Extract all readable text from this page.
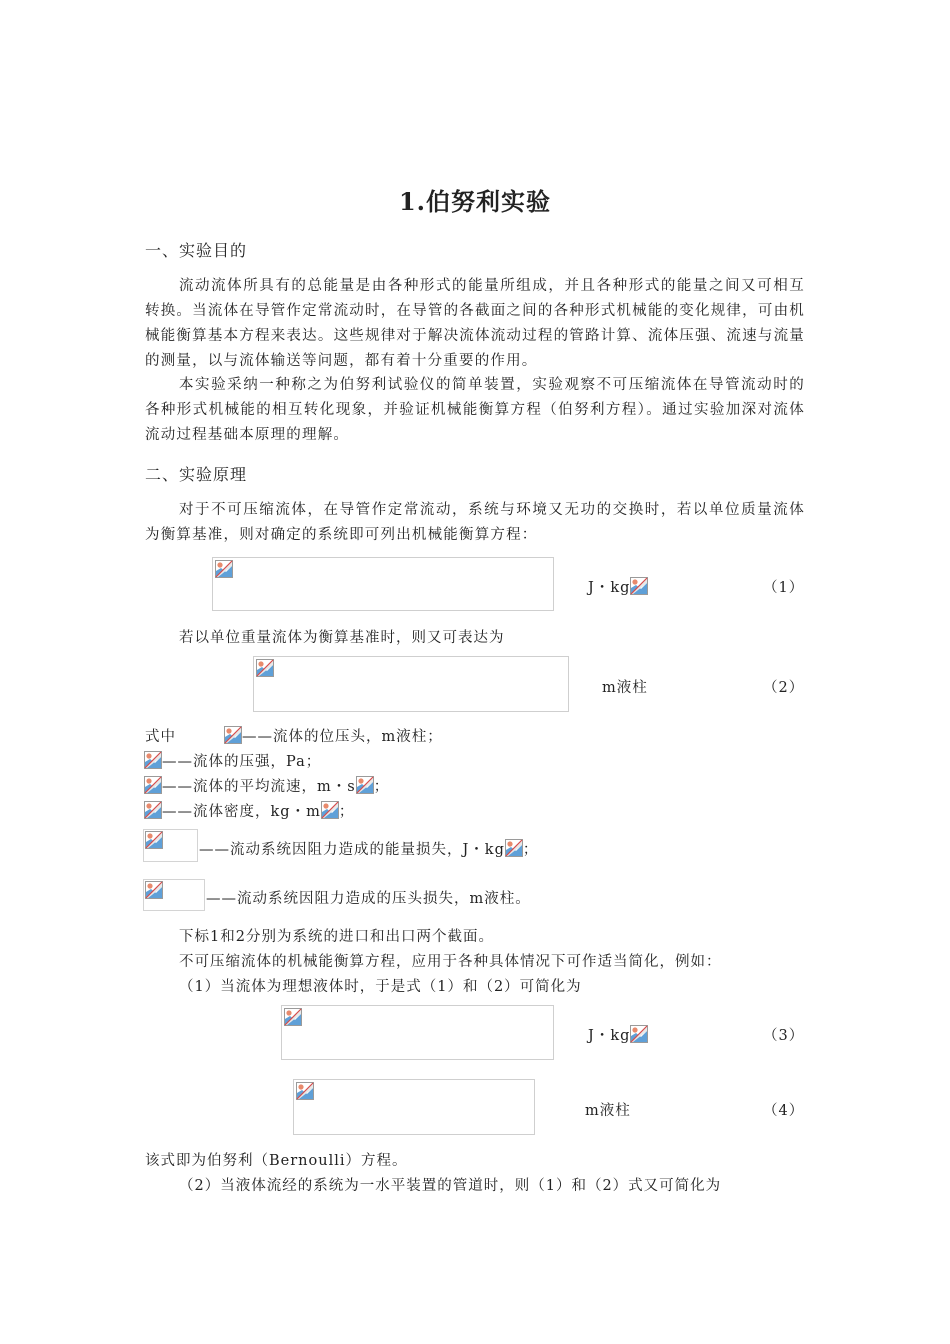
1.伯努利实验
一、实验目的
流动流体所具有的总能量是由各种形式的能量所组成，并且各种形式的能量之间又可相互转换。当流体在导管作定常流动时，在导管的各截面之间的各种形式机械能的变化规律，可由机械能衡算基本方程来表达。这些规律对于解决流体流动过程的管路计算、流体压强、流速与流量的测量，以与流体输送等问题，都有着十分重要的作用。
本实验采纳一种称之为伯努利试验仪的简单装置，实验观察不可压缩流体在导管流动时的各种形式机械能的相互转化现象，并验证机械能衡算方程（伯努利方程）。通过实验加深对流体流动过程基础本原理的理解。
二、实验原理
对于不可压缩流体，在导管作定常流动，系统与环境又无功的交换时，若以单位质量流体为衡算基准，则对确定的系统即可列出机械能衡算方程：
J・kg	（1）
若以单位重量流体为衡算基准时，则又可表达为
m液柱	（2）
式中	——流体的位压头，m液柱；
——流体的压强，Pa；
——流体的平均流速，m・s ；
——流体密度，kg・m ；
——流动系统因阻力造成的能量损失，J・kg ；
——流动系统因阻力造成的压头损失，m液柱。
下标1和2分别为系统的进口和出口两个截面。
不可压缩流体的机械能衡算方程，应用于各种具体情况下可作适当简化，例如：
（1）当流体为理想液体时，于是式（1）和（2）可简化为
J・kg	（3）
m液柱	（4）
该式即为伯努利（Bernoulli）方程。
（2）当液体流经的系统为一水平装置的管道时，则（1）和（2）式又可简化为
